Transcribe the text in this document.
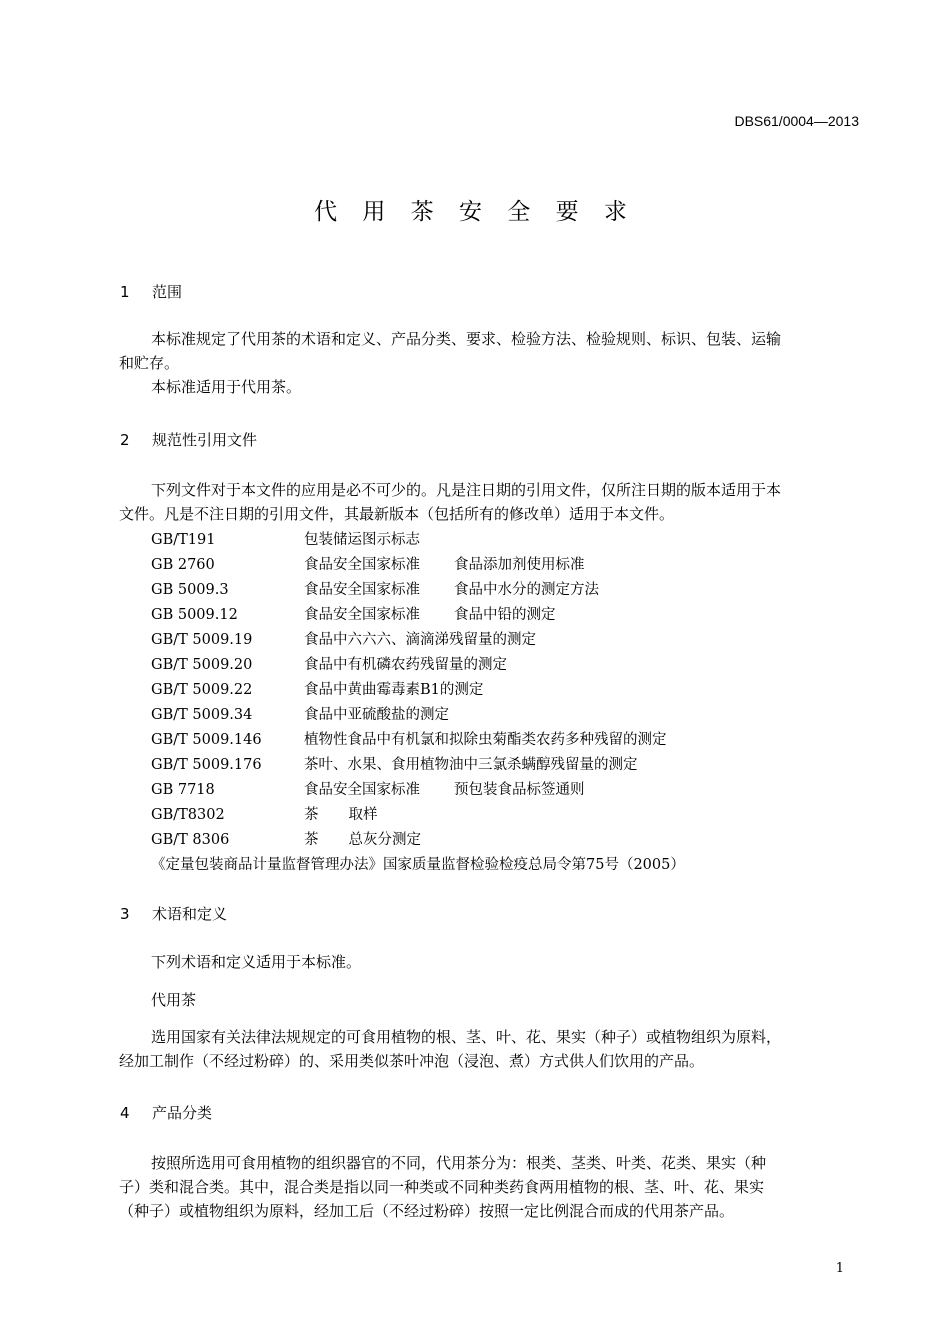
DBS61/0004—2013
代 用 茶 安 全 要 求
1 范围
本标准规定了代用茶的术语和定义、产品分类、要求、检验方法、检验规则、标识、包装、运输
和贮存。
本标准适用于代用茶。
2 规范性引用文件
下列文件对于本文件的应用是必不可少的。凡是注日期的引用文件，仅所注日期的版本适用于本
文件。凡是不注日期的引用文件，其最新版本（包括所有的修改单）适用于本文件。
GB/T191	包装储运图示标志
GB 2760	食品安全国家标准 食品添加剂使用标准
GB 5009.3	食品安全国家标准 食品中水分的测定方法
GB 5009.12	食品安全国家标准 食品中铅的测定
GB/T 5009.19	食品中六六六、滴滴涕残留量的测定
GB/T 5009.20	食品中有机磷农药残留量的测定
GB/T 5009.22	食品中黄曲霉毒素B1的测定
GB/T 5009.34	食品中亚硫酸盐的测定
GB/T 5009.146	植物性食品中有机氯和拟除虫菊酯类农药多种残留的测定
GB/T 5009.176	茶叶、水果、食用植物油中三氯杀螨醇残留量的测定
GB 7718	食品安全国家标准 预包装食品标签通则
GB/T8302	茶 取样
GB/T 8306	茶 总灰分测定
《定量包装商品计量监督管理办法》国家质量监督检验检疫总局令第75号（2005）
3 术语和定义
下列术语和定义适用于本标准。
代用茶
选用国家有关法律法规规定的可食用植物的根、茎、叶、花、果实（种子）或植物组织为原料，
经加工制作（不经过粉碎）的、采用类似茶叶冲泡（浸泡、煮）方式供人们饮用的产品。
4 产品分类
按照所选用可食用植物的组织器官的不同，代用茶分为：根类、茎类、叶类、花类、果实（种
子）类和混合类。其中，混合类是指以同一种类或不同种类药食两用植物的根、茎、叶、花、果实
（种子）或植物组织为原料，经加工后（不经过粉碎）按照一定比例混合而成的代用茶产品。
1
